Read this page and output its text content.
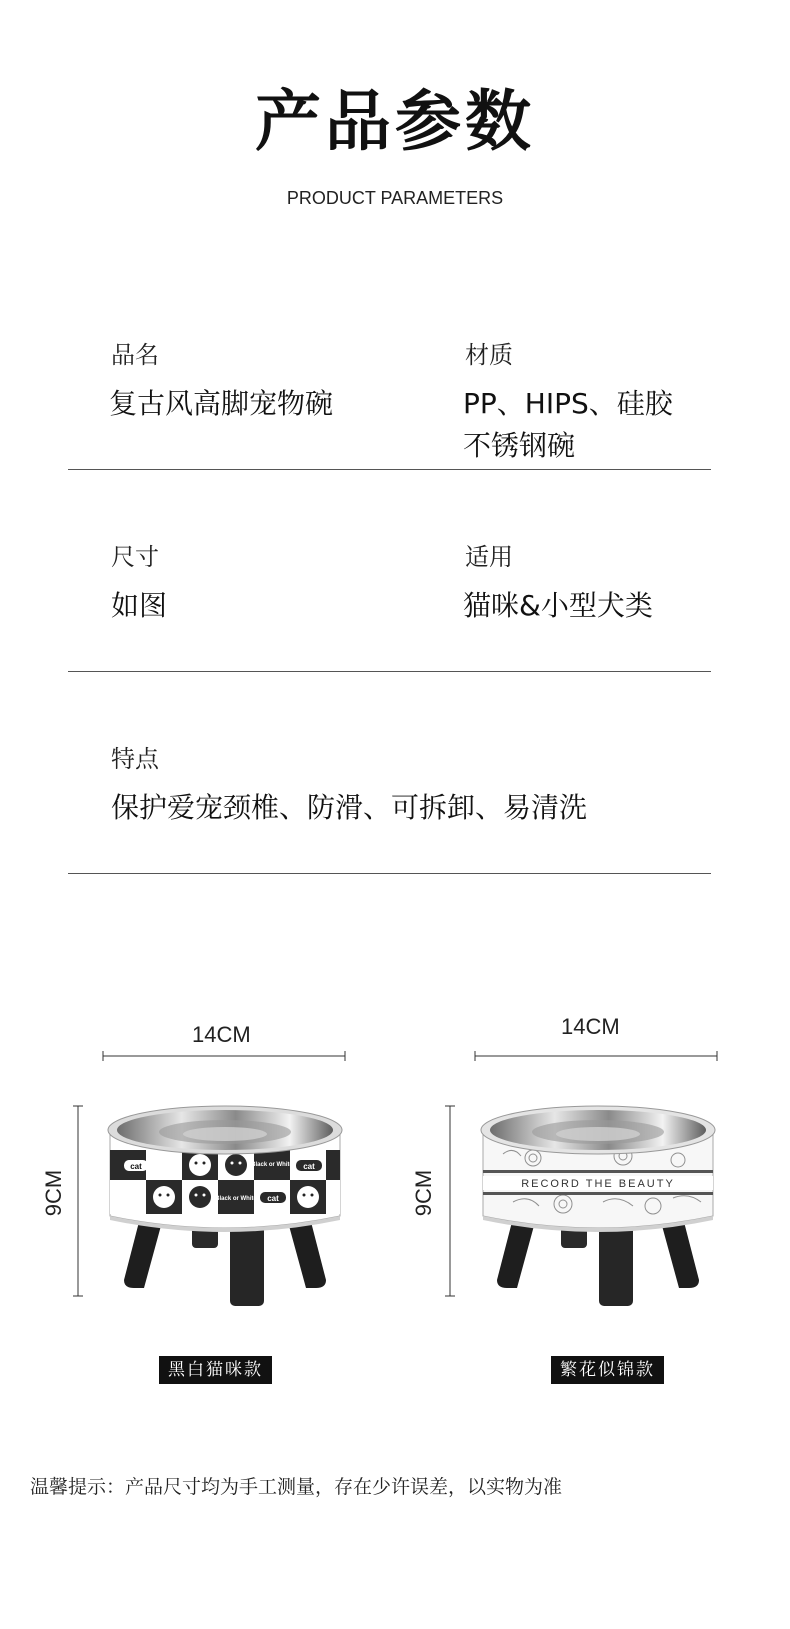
产品参数
PRODUCT PARAMETERS
品名
复古风高脚宠物碗
材质
PP、HIPS、硅胶
不锈钢碗
尺寸
如图
适用
猫咪&小型犬类
特点
保护爱宠颈椎、防滑、可拆卸、易清洗
14CM
9CM
cat
cat
cat
Black or White
Black or White
黑白猫咪款
14CM
9CM	RECORD THE BEAUTY
繁花似锦款
温馨提示：产品尺寸均为手工测量，存在少许误差，以实物为准
